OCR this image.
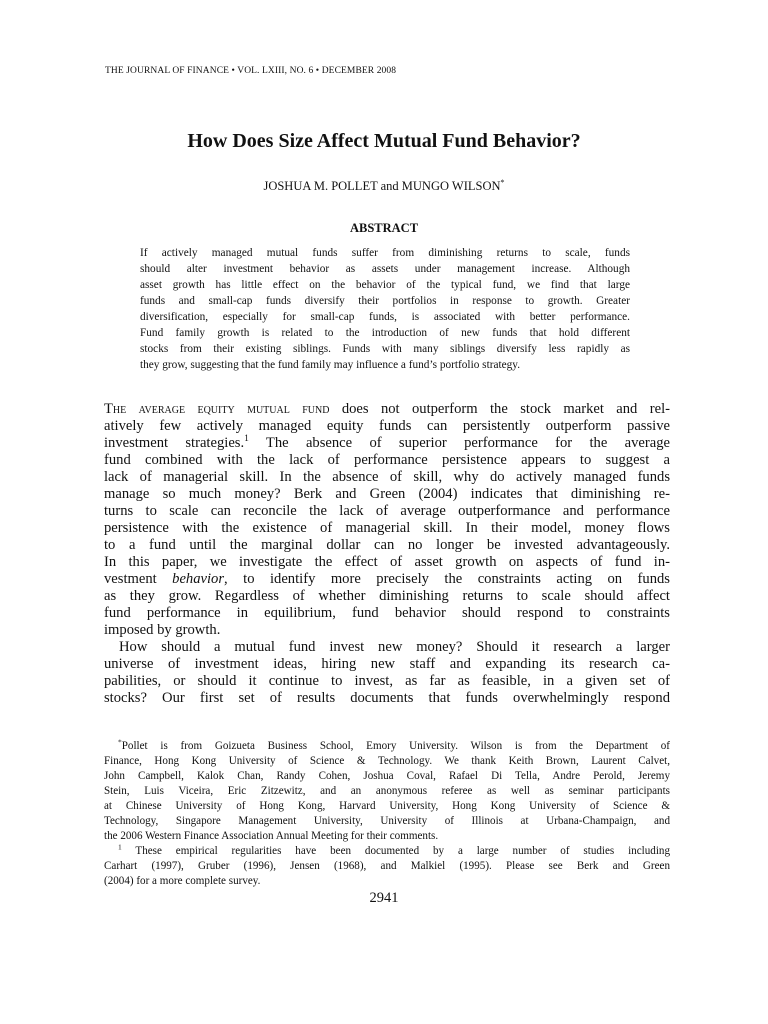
THE JOURNAL OF FINANCE • VOL. LXIII, NO. 6 • DECEMBER 2008
How Does Size Affect Mutual Fund Behavior?
JOSHUA M. POLLET and MUNGO WILSON*
ABSTRACT
If actively managed mutual funds suffer from diminishing returns to scale, funds
should alter investment behavior as assets under management increase. Although
asset growth has little effect on the behavior of the typical fund, we find that large
funds and small-cap funds diversify their portfolios in response to growth. Greater
diversification, especially for small-cap funds, is associated with better performance.
Fund family growth is related to the introduction of new funds that hold different
stocks from their existing siblings. Funds with many siblings diversify less rapidly as
they grow, suggesting that the fund family may influence a fund’s portfolio strategy.
The average equity mutual fund does not outperform the stock market and rel-
atively few actively managed equity funds can persistently outperform passive
investment strategies.$^1$ The absence of superior performance for the average
fund combined with the lack of performance persistence appears to suggest a
lack of managerial skill. In the absence of skill, why do actively managed funds
manage so much money? Berk and Green (2004) indicates that diminishing re-
turns to scale can reconcile the lack of average outperformance and performance
persistence with the existence of managerial skill. In their model, money flows
to a fund until the marginal dollar can no longer be invested advantageously.
In this paper, we investigate the effect of asset growth on aspects of fund in-
vestment behavior, to identify more precisely the constraints acting on funds
as they grow. Regardless of whether diminishing returns to scale should affect
fund performance in equilibrium, fund behavior should respond to constraints
imposed by growth.
How should a mutual fund invest new money? Should it research a larger
universe of investment ideas, hiring new staff and expanding its research ca-
pabilities, or should it continue to invest, as far as feasible, in a given set of
stocks? Our first set of results documents that funds overwhelmingly respond
*Pollet is from Goizueta Business School, Emory University. Wilson is from the Department of
Finance, Hong Kong University of Science & Technology. We thank Keith Brown, Laurent Calvet,
John Campbell, Kalok Chan, Randy Cohen, Joshua Coval, Rafael Di Tella, Andre Perold, Jeremy
Stein, Luis Viceira, Eric Zitzewitz, and an anonymous referee as well as seminar participants
at Chinese University of Hong Kong, Harvard University, Hong Kong University of Science &
Technology, Singapore Management University, University of Illinois at Urbana-Champaign, and
the 2006 Western Finance Association Annual Meeting for their comments.
$^1$ These empirical regularities have been documented by a large number of studies including
Carhart (1997), Gruber (1996), Jensen (1968), and Malkiel (1995). Please see Berk and Green
(2004) for a more complete survey.
2941
